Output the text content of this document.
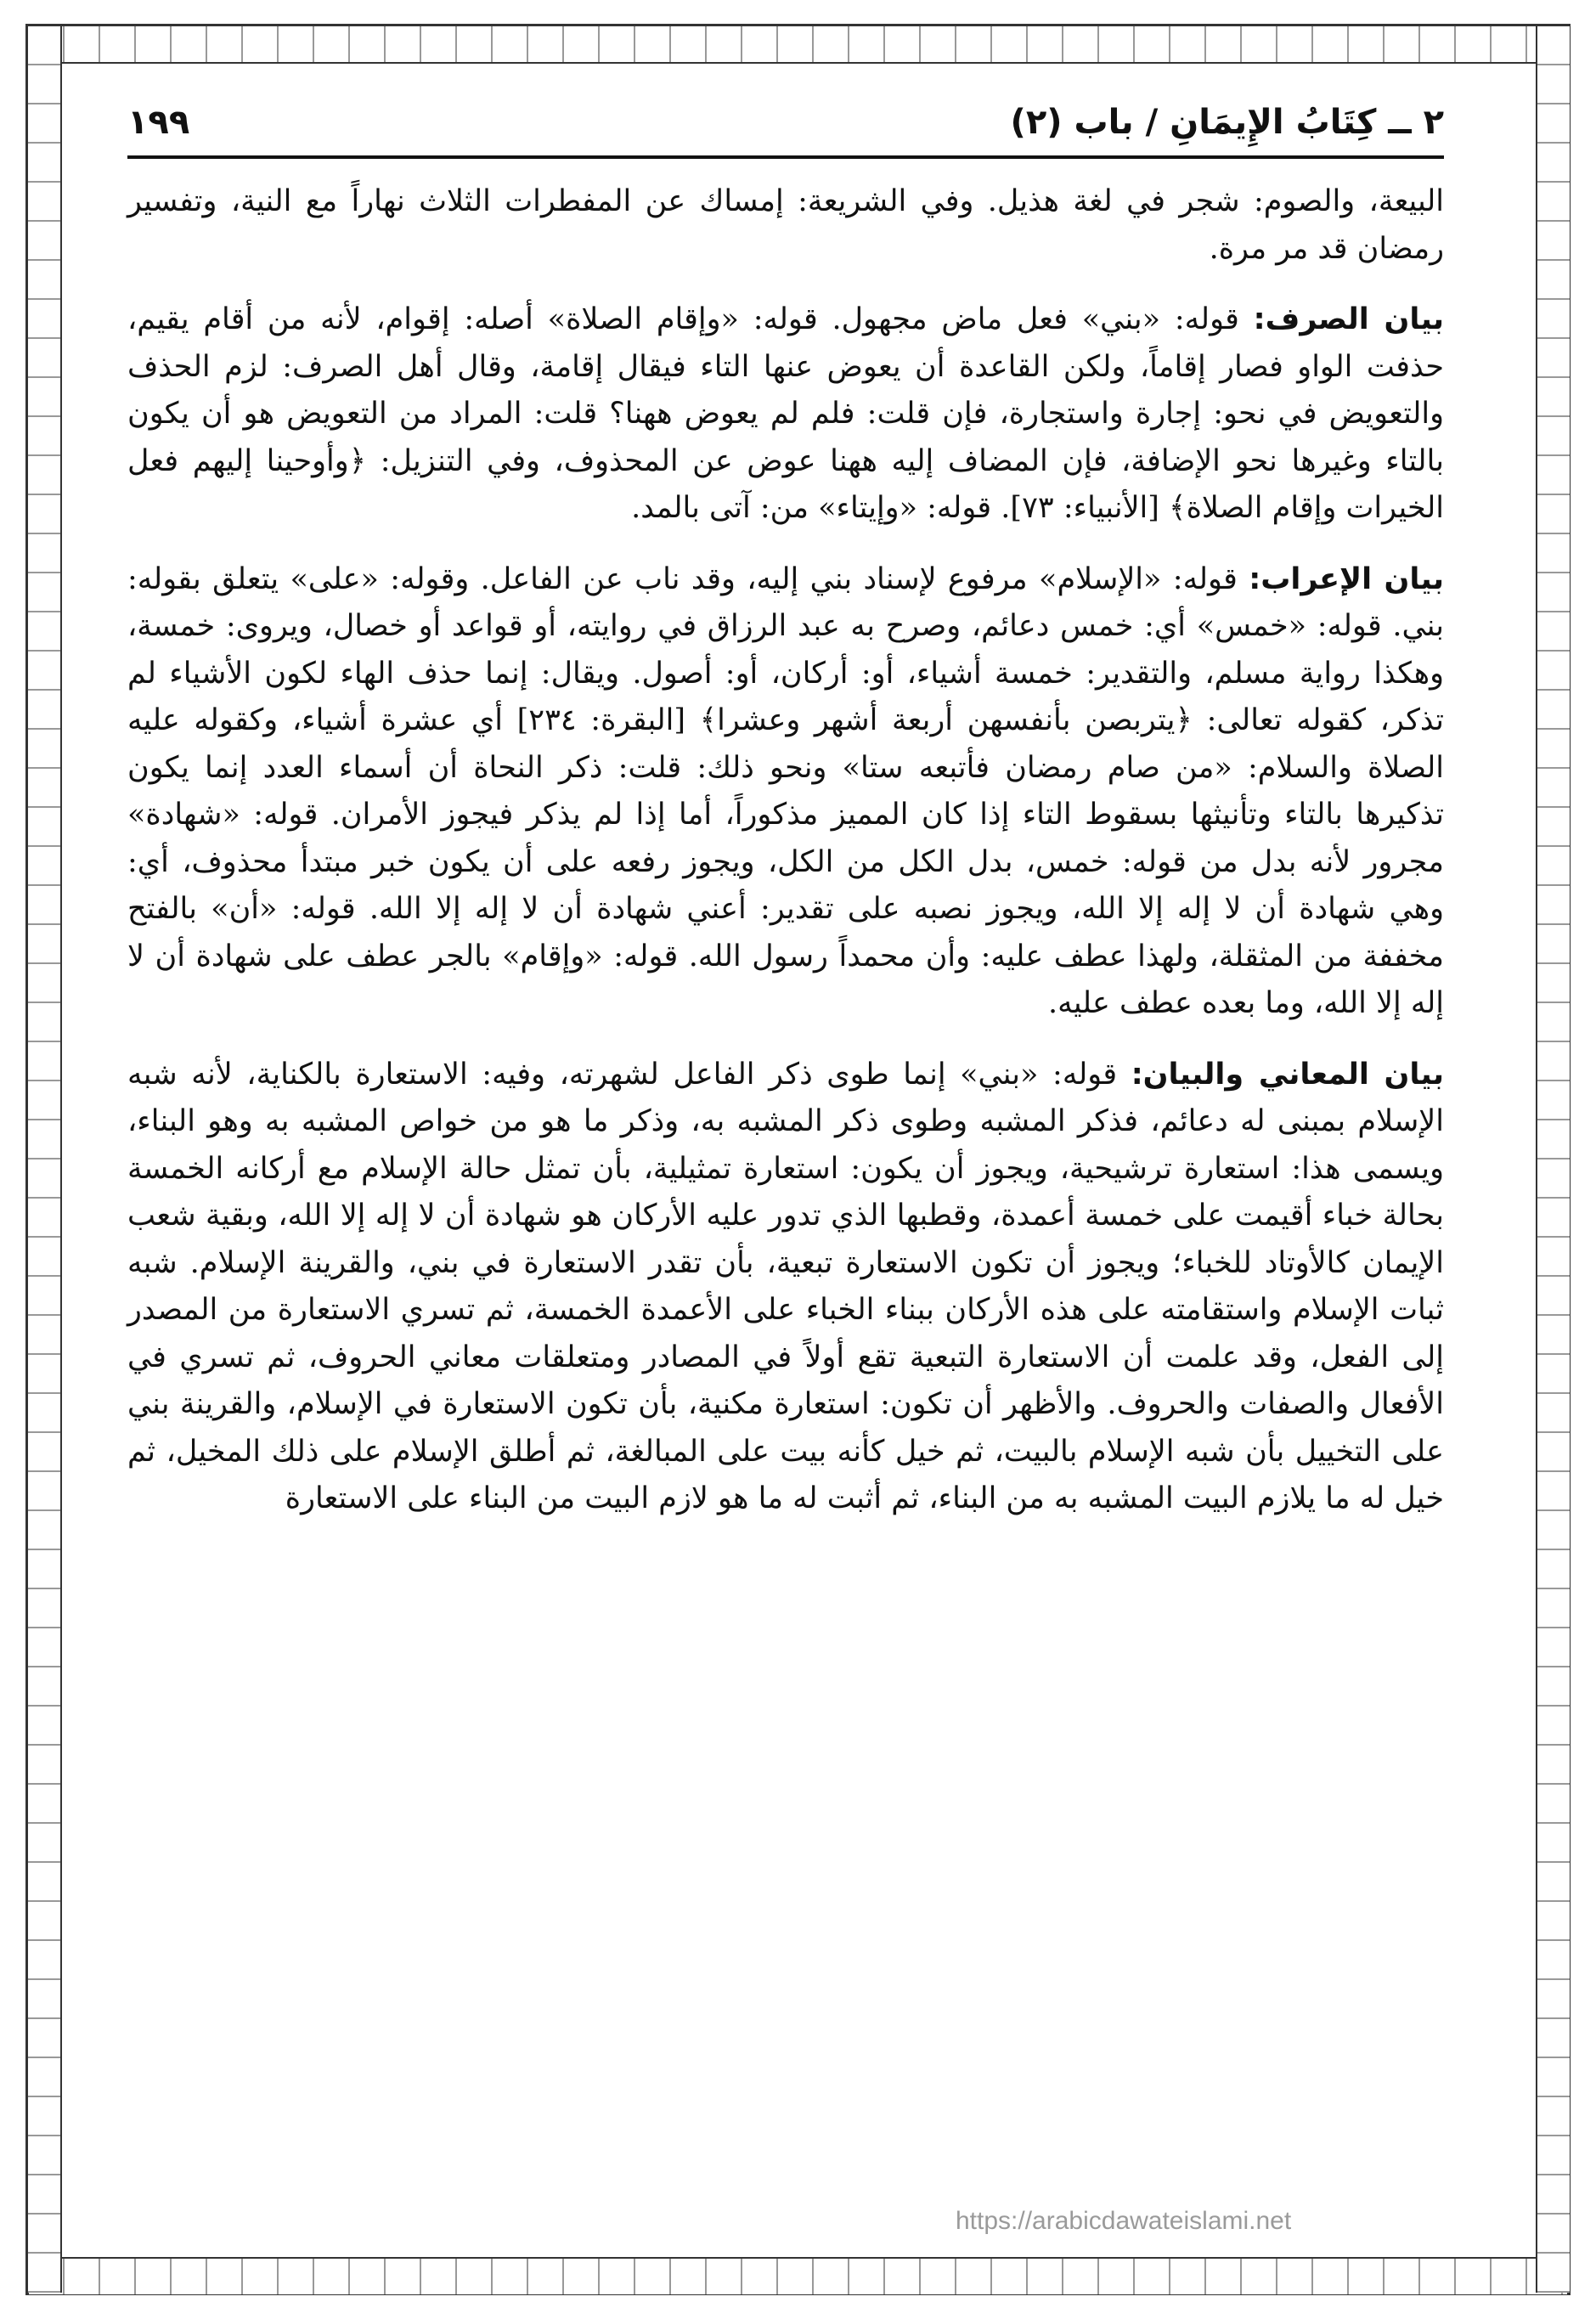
٢ ــ كِتَابُ الإِيمَانِ / باب (٢)
١٩٩

البيعة، والصوم: شجر في لغة هذيل. وفي الشريعة: إمساك عن المفطرات الثلاث نهاراً مع النية، وتفسير رمضان قد مر مرة.

بيان الصرف: قوله: «بني» فعل ماض مجهول. قوله: «وإقام الصلاة» أصله: إقوام، لأنه من أقام يقيم، حذفت الواو فصار إقاماً، ولكن القاعدة أن يعوض عنها التاء فيقال إقامة، وقال أهل الصرف: لزم الحذف والتعويض في نحو: إجارة واستجارة، فإن قلت: فلم لم يعوض ههنا؟ قلت: المراد من التعويض هو أن يكون بالتاء وغيرها نحو الإضافة، فإن المضاف إليه ههنا عوض عن المحذوف، وفي التنزيل: ﴿وأوحينا إليهم فعل الخيرات وإقام الصلاة﴾ [الأنبياء: ٧٣]. قوله: «وإيتاء» من: آتى بالمد.

بيان الإعراب: قوله: «الإسلام» مرفوع لإسناد بني إليه، وقد ناب عن الفاعل. وقوله: «على» يتعلق بقوله: بني. قوله: «خمس» أي: خمس دعائم، وصرح به عبد الرزاق في روايته، أو قواعد أو خصال، ويروى: خمسة، وهكذا رواية مسلم، والتقدير: خمسة أشياء، أو: أركان، أو: أصول. ويقال: إنما حذف الهاء لكون الأشياء لم تذكر، كقوله تعالى: ﴿يتربصن بأنفسهن أربعة أشهر وعشرا﴾ [البقرة: ٢٣٤] أي عشرة أشياء، وكقوله عليه الصلاة والسلام: «من صام رمضان فأتبعه ستا» ونحو ذلك: قلت: ذكر النحاة أن أسماء العدد إنما يكون تذكيرها بالتاء وتأنيثها بسقوط التاء إذا كان المميز مذكوراً، أما إذا لم يذكر فيجوز الأمران. قوله: «شهادة» مجرور لأنه بدل من قوله: خمس، بدل الكل من الكل، ويجوز رفعه على أن يكون خبر مبتدأ محذوف، أي: وهي شهادة أن لا إله إلا الله، ويجوز نصبه على تقدير: أعني شهادة أن لا إله إلا الله. قوله: «أن» بالفتح مخففة من المثقلة، ولهذا عطف عليه: وأن محمداً رسول الله. قوله: «وإقام» بالجر عطف على شهادة أن لا إله إلا الله، وما بعده عطف عليه.

بيان المعاني والبيان: قوله: «بني» إنما طوى ذكر الفاعل لشهرته، وفيه: الاستعارة بالكناية، لأنه شبه الإسلام بمبنى له دعائم، فذكر المشبه وطوى ذكر المشبه به، وذكر ما هو من خواص المشبه به وهو البناء، ويسمى هذا: استعارة ترشيحية، ويجوز أن يكون: استعارة تمثيلية، بأن تمثل حالة الإسلام مع أركانه الخمسة بحالة خباء أقيمت على خمسة أعمدة، وقطبها الذي تدور عليه الأركان هو شهادة أن لا إله إلا الله، وبقية شعب الإيمان كالأوتاد للخباء؛ ويجوز أن تكون الاستعارة تبعية، بأن تقدر الاستعارة في بني، والقرينة الإسلام. شبه ثبات الإسلام واستقامته على هذه الأركان ببناء الخباء على الأعمدة الخمسة، ثم تسري الاستعارة من المصدر إلى الفعل، وقد علمت أن الاستعارة التبعية تقع أولاً في المصادر ومتعلقات معاني الحروف، ثم تسري في الأفعال والصفات والحروف. والأظهر أن تكون: استعارة مكنية، بأن تكون الاستعارة في الإسلام، والقرينة بني على التخييل بأن شبه الإسلام بالبيت، ثم خيل كأنه بيت على المبالغة، ثم أطلق الإسلام على ذلك المخيل، ثم خيل له ما يلازم البيت المشبه به من البناء، ثم أثبت له ما هو لازم البيت من البناء على الاستعارة

https://arabicdawateislami.net
